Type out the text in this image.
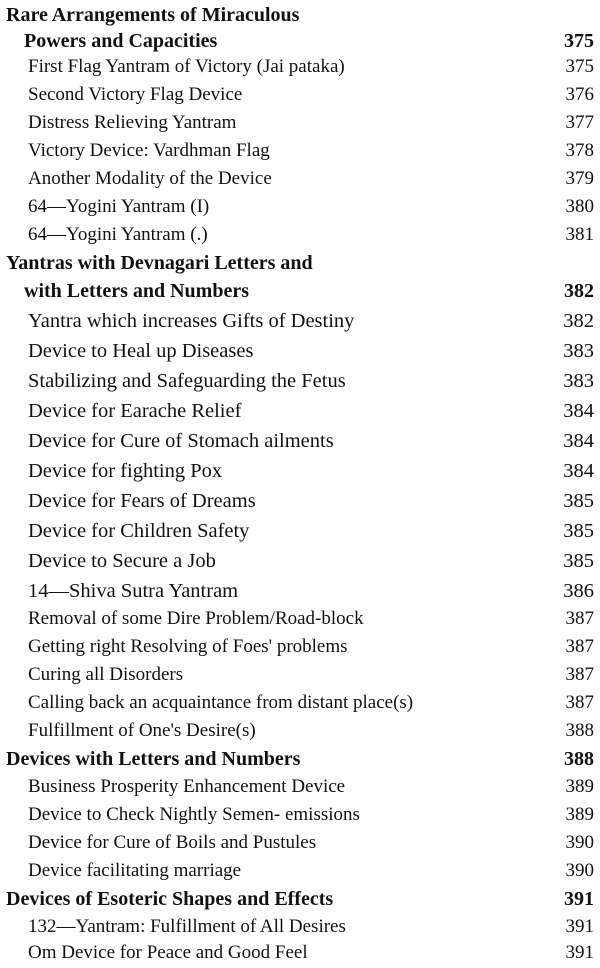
Rare Arrangements of Miraculous
Powers and Capacities	375
First Flag Yantram of Victory (Jai pataka)	375
Second Victory Flag Device	376
Distress Relieving Yantram	377
Victory Device: Vardhman Flag	378
Another Modality of the Device	379
64—Yogini Yantram (I)	380
64—Yogini Yantram (.)	381
Yantras with Devnagari Letters and
with Letters and Numbers	382
Yantra which increases Gifts of Destiny	382
Device to Heal up Diseases	383
Stabilizing and Safeguarding the Fetus	383
Device for Earache Relief	384
Device for Cure of Stomach ailments	384
Device for fighting Pox	384
Device for Fears of Dreams	385
Device for Children Safety	385
Device to Secure a Job	385
14—Shiva Sutra Yantram	386
Removal of some Dire Problem/Road-block	387
Getting right Resolving of Foes' problems	387
Curing all Disorders	387
Calling back an acquaintance from distant place(s)	387
Fulfillment of One's Desire(s)	388
Devices with Letters and Numbers	388
Business Prosperity Enhancement Device	389
Device to Check Nightly Semen- emissions	389
Device for Cure of Boils and Pustules	390
Device facilitating marriage	390
Devices of Esoteric Shapes and Effects	391
132—Yantram: Fulfillment of All Desires	391
Om Device for Peace and Good Feel	391
